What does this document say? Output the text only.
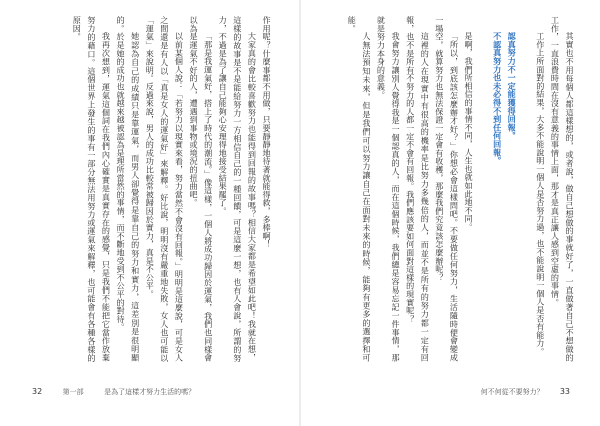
作用呢？什麼事都不用做，只要靜靜地待著就能得救，多棒啊！

大家真的會比較喜歡努力也能得到回報的故事嗎？相信大家都是希望如此吧！我就在想，這樣的故事是不是能給努力一方相信自己的一種回饋，可是這麼一想，也有人會說，所謂的努力，不過是為了讓自己能夠心安理得地接受結果罷了。

「那是我運氣好，搭上了時代的潮流。」像這樣，一個人將成功歸因於運氣，我們也同樣會以為是運氣不好的人，遭遇到事物或境況的扭曲吧。

以前某個人說：「若努力以現實來看，努力當然不會沒有回報。」明明是這麼說，可是女人之間還是有人以「真是女人的運氣好」來解釋。好比說，明明沒有嚴重地失敗，女人也可能以「運氣」來說明。反過來說，男人的成功比較常被歸因於實力，真是不公平。

她認為自己的成績只是靠運氣，而男人卻覺得是靠自己的努力和實力，這差別是很明顯的。於是她的成功也就越來越被認為是理所當然的事情，而不斷地受到不公平的對待。

我再次想到，運氣這個詞在我們內心確實是真實存在的感覺，只是我們不能把它當作放棄努力的藉口。這個世界上發生的事有一部分無法用努力或運氣來解釋，也可能會有各種各樣的原因。

32	第一部	是為了這樣才努力生活的嗎？

其實也不用每個人都這樣想的，或者說，做自己想做的事就好了，一直做著自己不想做的工作，一直浪費時間在沒有意義的事情上面，那才是真正讓人感到空虛的事情。

工作上所面對的結果，大多不能說明一個人是否努力過，也不能說明一個人是否有能力。

認真努力不一定能獲得回報。

不認真努力也未必得不到任何回報。

是啊，我們所相信的事情不同，人生也就如此地不同。

「所以，到底該怎麼辦才好？」你想必會這樣問吧。不要做任何努力，生活隨時便會變成一場空，就算努力也無法保證一定會有收穫，那麼我們究竟該怎麼辦呢？

這裡的人在現實中有很高的機率是比努力多幾倍的人，而並不是所有的努力都一定有回報，也不是所有不努力的人都一定不會有回報。我們應該要如何面對這樣的現實呢？

我會努力讓別人覺得我是一個認真的人，而在這個時候，我們總是容易忘記一件事情，那就是努力本身的意義。

人無法預知未來，但是我們可以努力讓自己在面對未來的時候，能夠有更多的選擇和可能。

何不何從不要努力？ 33
